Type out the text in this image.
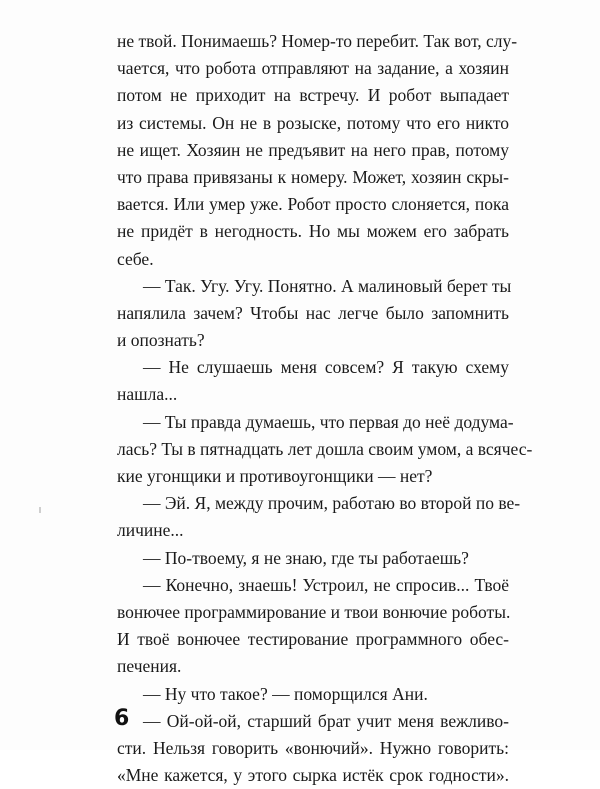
не твой. Понимаешь? Номер-то перебит. Так вот, слу-
чается, что робота отправляют на задание, а хозяин
потом не приходит на встречу. И робот выпадает
из системы. Он не в розыске, потому что его никто
не ищет. Хозяин не предъявит на него прав, потому
что права привязаны к номеру. Может, хозяин скры-
вается. Или умер уже. Робот просто слоняется, пока
не придёт в негодность. Но мы можем его забрать
себе.
— Так. Угу. Угу. Понятно. А малиновый берет ты
напялила зачем? Чтобы нас легче было запомнить
и опознать?
— Не слушаешь меня совсем? Я такую схему
нашла...
— Ты правда думаешь, что первая до неё додума-
лась? Ты в пятнадцать лет дошла своим умом, а всячес-
кие угонщики и противоугонщики — нет?
— Эй. Я, между прочим, работаю во второй по ве-
личине...
— По-твоему, я не знаю, где ты работаешь?
— Конечно, знаешь! Устроил, не спросив... Твоё
вонючее программирование и твои вонючие роботы.
И твоё вонючее тестирование программного обес-
печения.
— Ну что такое? — поморщился Ани.
— Ой-ой-ой, старший брат учит меня вежливо-
сти. Нельзя говорить «вонючий». Нужно говорить:
«Мне кажется, у этого сырка истёк срок годности».
6
